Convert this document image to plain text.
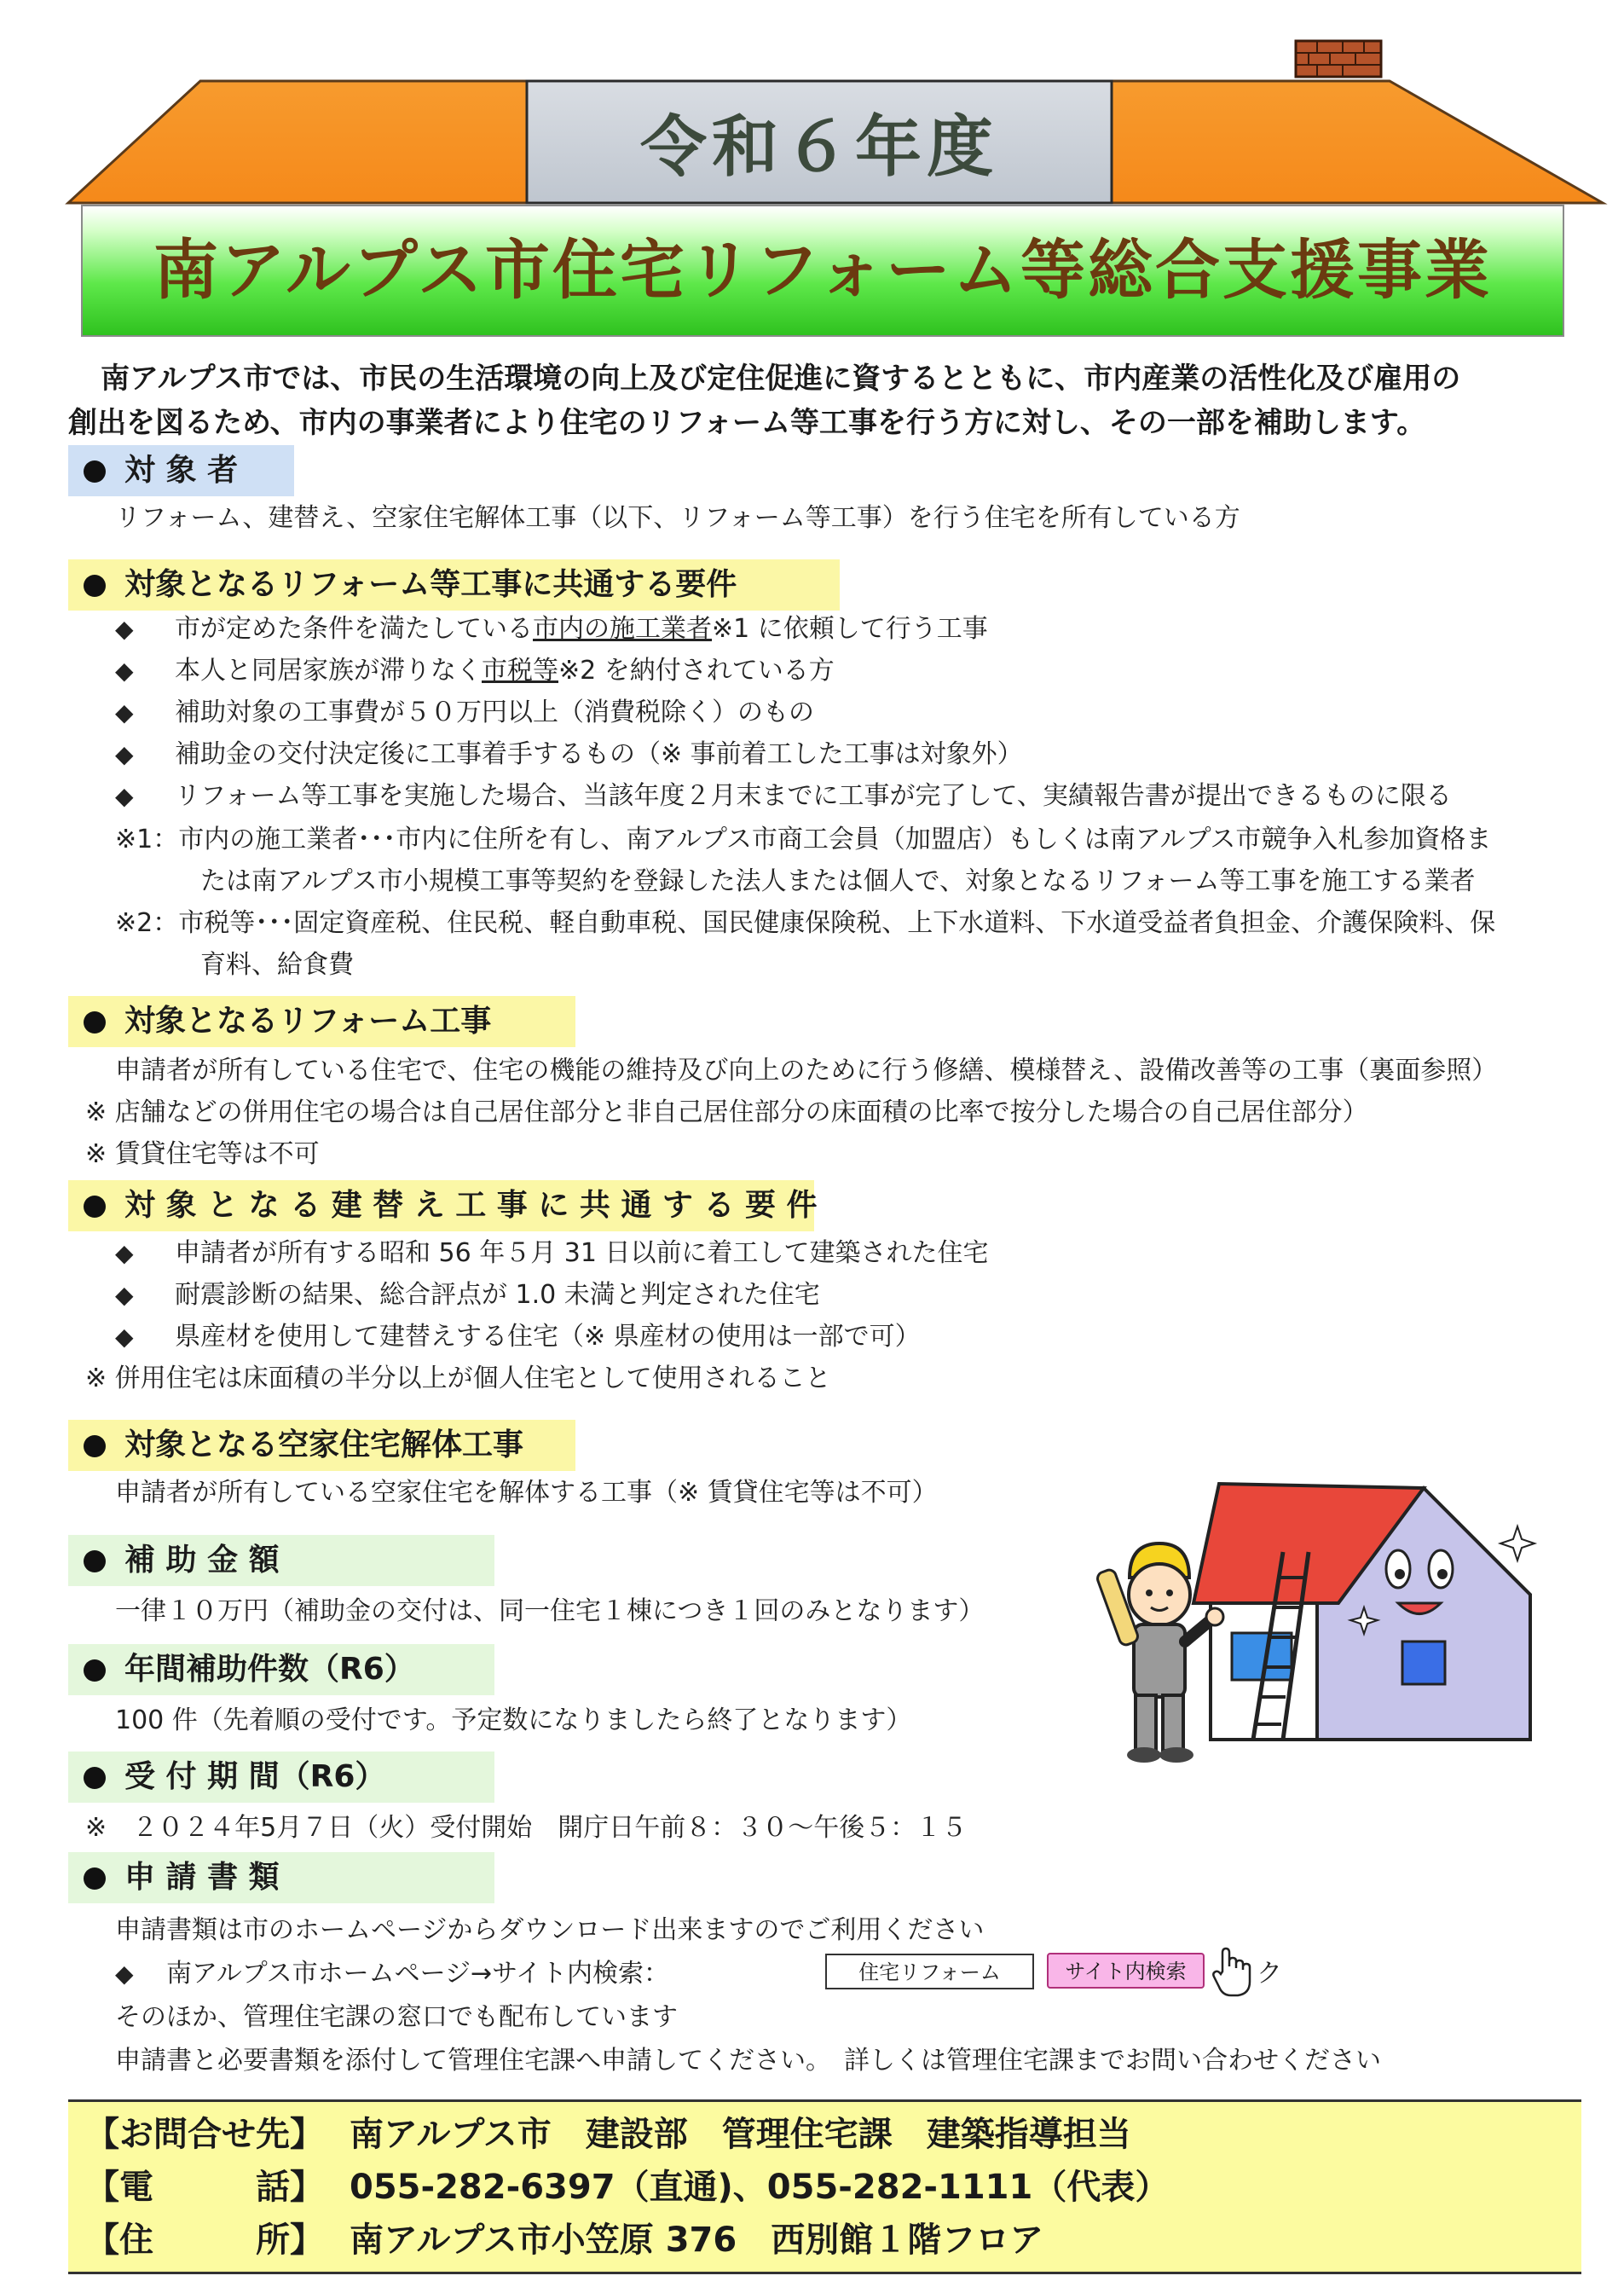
令和６年度
南アルプス市住宅リフォーム等総合支援事業
南アルプス市では、市民の生活環境の向上及び定住促進に資するとともに、市内産業の活性化及び雇用の
創出を図るため、市内の事業者により住宅のリフォーム等工事を行う方に対し、その一部を補助します。
対 象 者
リフォーム、建替え、空家住宅解体工事（以下、リフォーム等工事）を行う住宅を所有している方
対象となるリフォーム等工事に共通する要件
◆ 市が定めた条件を満たしている市内の施工業者※1 に依頼して行う工事
◆ 本人と同居家族が滞りなく市税等※2 を納付されている方
◆ 補助対象の工事費が５０万円以上（消費税除く）のもの
◆ 補助金の交付決定後に工事着手するもの（※ 事前着工した工事は対象外）
◆ リフォーム等工事を実施した場合、当該年度２月末までに工事が完了して、実績報告書が提出できるものに限る
※1：市内の施工業者･･･市内に住所を有し、南アルプス市商工会員（加盟店）もしくは南アルプス市競争入札参加資格ま
たは南アルプス市小規模工事等契約を登録した法人または個人で、対象となるリフォーム等工事を施工する業者
※2：市税等･･･固定資産税、住民税、軽自動車税、国民健康保険税、上下水道料、下水道受益者負担金、介護保険料、保
育料、給食費
対象となるリフォーム工事
申請者が所有している住宅で、住宅の機能の維持及び向上のために行う修繕、模様替え、設備改善等の工事（裏面参照）
※ 店舗などの併用住宅の場合は自己居住部分と非自己居住部分の床面積の比率で按分した場合の自己居住部分）
※ 賃貸住宅等は不可
対 象 と な る 建 替 え 工 事 に 共 通 す る 要 件
◆ 申請者が所有する昭和 56 年５月 31 日以前に着工して建築された住宅
◆ 耐震診断の結果、総合評点が 1.0 未満と判定された住宅
◆ 県産材を使用して建替えする住宅（※ 県産材の使用は一部で可）
※ 併用住宅は床面積の半分以上が個人住宅として使用されること
対象となる空家住宅解体工事
申請者が所有している空家住宅を解体する工事（※ 賃貸住宅等は不可）
補 助 金 額
一律１０万円（補助金の交付は、同一住宅１棟につき１回のみとなります）
年間補助件数（R6）
100 件（先着順の受付です。予定数になりましたら終了となります）
受 付 期 間（R6）
※　２０２４年5月７日（火）受付開始　開庁日午前８：３０～午後５：１５
申 請 書 類
申請書類は市のホームページからダウンロード出来ますのでご利用ください
◆ 南アルプス市ホームページ→サイト内検索：	住宅リフォーム	サイト内検索	ク
そのほか、管理住宅課の窓口でも配布しています
申請書と必要書類を添付して管理住宅課へ申請してください。　詳しくは管理住宅課までお問い合わせください
【お問合せ先】 南アルプス市　建設部　管理住宅課　建築指導担当
【電　　　話】 055-282-6397（直通)、055-282-1111（代表）
【住　　　所】 南アルプス市小笠原 376　西別館１階フロア
